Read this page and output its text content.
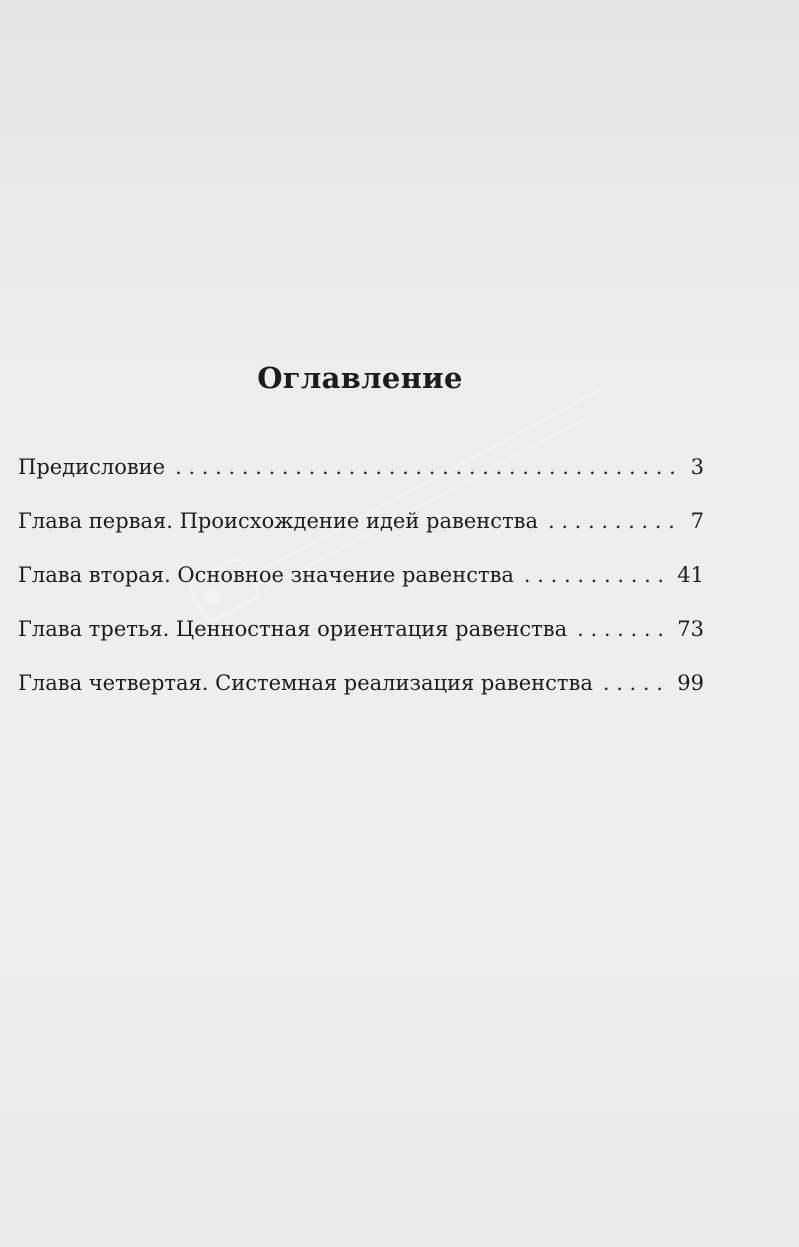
Оглавление
Предисловие . . .	3
Глава первая. Происхождение идей равенства . . .	7
Глава вторая. Основное значение равенства . . .	41
Глава третья. Ценностная ориентация равенства . . .	73
Глава четвертая. Системная реализация равенства . . .	99
